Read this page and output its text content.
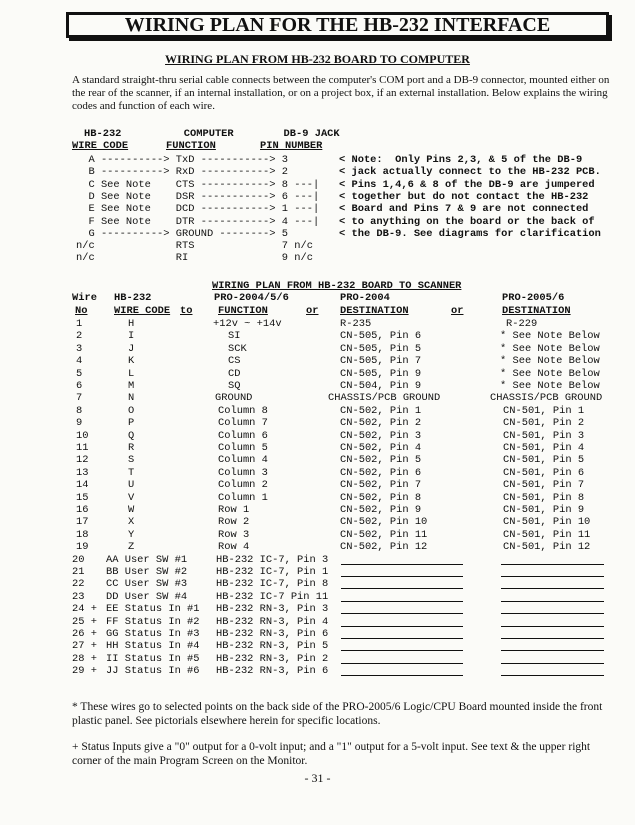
WIRING PLAN FOR THE HB-232 INTERFACE
WIRING PLAN FROM HB-232 BOARD TO COMPUTER
A standard straight-thru serial cable connects between the computer's COM port and a DB-9 connector, mounted either on the rear of the scanner, if an internal installation, or on a project box, if an external installation. Below explains the wiring codes and function of each wire.
HB-232          COMPUTER        DB-9 JACK
WIRE CODE	FUNCTION	PIN NUMBER
A ----------> TxD -----------> 3
B ----------> RxD -----------> 2
C See Note    CTS -----------> 8 ---|
D See Note    DSR -----------> 6 ---|
E See Note    DCD -----------> 1 ---|
F See Note    DTR -----------> 4 ---|
G ----------> GROUND --------> 5
n/c             RTS              7 n/c
n/c             RI               9 n/c
< Note:  Only Pins 2,3, & 5 of the DB-9
< jack actually connect to the HB-232 PCB.
< Pins 1,4,6 & 8 of the DB-9 are jumpered
< together but do not contact the HB-232
< Board and Pins 7 & 9 are not connected
< to anything on the board or the back of
< the DB-9. See diagrams for clarification
WIRING PLAN FROM HB-232 BOARD TO SCANNER
Wire HB-232	PRO-2004/5/6	PRO-2004	PRO-2005/6
No	WIRE CODE to FUNCTION	or DESTINATION	or	DESTINATION
1	H	+12v ~ +14v	R-235	R-229
2	I	SI	CN-505, Pin 6	* See Note Below
3	J	SCK	CN-505, Pin 5	* See Note Below
4	K	CS	CN-505, Pin 7	* See Note Below
5	L	CD	CN-505, Pin 9	* See Note Below
6	M	SQ	CN-504, Pin 9	* See Note Below
7	N	GROUND	CHASSIS/PCB GROUND	CHASSIS/PCB GROUND
8	O	Column 8	CN-502, Pin 1	CN-501, Pin 1
9	P	Column 7	CN-502, Pin 2	CN-501, Pin 2
10	Q	Column 6	CN-502, Pin 3	CN-501, Pin 3
11	R	Column 5	CN-502, Pin 4	CN-501, Pin 4
12	S	Column 4	CN-502, Pin 5	CN-501, Pin 5
13	T	Column 3	CN-502, Pin 6	CN-501, Pin 6
14	U	Column 2	CN-502, Pin 7	CN-501, Pin 7
15	V	Column 1	CN-502, Pin 8	CN-501, Pin 8
16	W	Row 1	CN-502, Pin 9	CN-501, Pin 9
17	X	Row 2	CN-502, Pin 10	CN-501, Pin 10
18	Y	Row 3	CN-502, Pin 11	CN-501, Pin 11
19	Z	Row 4	CN-502, Pin 12	CN-501, Pin 12
20 AA User SW #1	HB-232 IC-7, Pin 3
21 BB User SW #2	HB-232 IC-7, Pin 1
22 CC User SW #3	HB-232 IC-7, Pin 8
23 DD User SW #4	HB-232 IC-7 Pin 11
24 + EE Status In #1 HB-232 RN-3, Pin 3
25 + FF Status In #2 HB-232 RN-3, Pin 4
26 + GG Status In #3 HB-232 RN-3, Pin 6
27 + HH Status In #4 HB-232 RN-3, Pin 5
28 + II Status In #5 HB-232 RN-3, Pin 2
29 + JJ Status In #6 HB-232 RN-3, Pin 6
* These wires go to selected points on the back side of the PRO-2005/6 Logic/CPU Board mounted inside the front plastic panel. See pictorials elsewhere herein for specific locations.
+ Status Inputs give a "0" output for a 0-volt input; and a "1" output for a 5-volt input. See text & the upper right corner of the main Program Screen on the Monitor.
- 31 -
